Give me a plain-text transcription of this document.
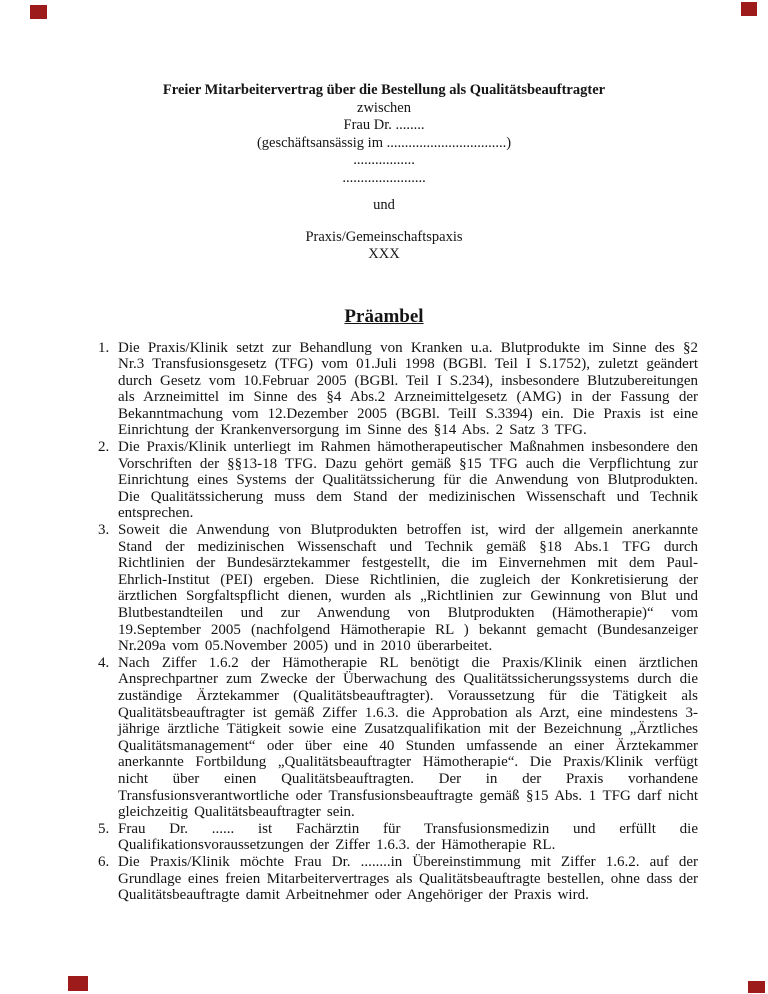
Freier Mitarbeitervertrag über die Bestellung als Qualitätsbeauftragter
zwischen
Frau Dr. ........
(geschäftsansässig im .................................)
.................
.......................
und
Praxis/Gemeinschaftspaxis
XXX
Präambel
1. Die Praxis/Klinik setzt zur Behandlung von Kranken u.a. Blutprodukte im Sinne des §2 Nr.3 Transfusionsgesetz (TFG) vom 01.Juli 1998 (BGBl. Teil I S.1752), zuletzt geändert durch Gesetz vom 10.Februar 2005 (BGBl. Teil I S.234), insbesondere Blutzubereitungen als Arzneimittel im Sinne des §4 Abs.2 Arzneimittelgesetz (AMG) in der Fassung der Bekanntmachung vom 12.Dezember 2005 (BGBl. TeilI S.3394) ein. Die Praxis ist eine Einrichtung der Krankenversorgung im Sinne des §14 Abs. 2 Satz 3 TFG.
2. Die Praxis/Klinik unterliegt im Rahmen hämotherapeutischer Maßnahmen insbesondere den Vorschriften der §§13-18 TFG. Dazu gehört gemäß §15 TFG auch die Verpflichtung zur Einrichtung eines Systems der Qualitätssicherung für die Anwendung von Blutprodukten. Die Qualitätssicherung muss dem Stand der medizinischen Wissenschaft und Technik entsprechen.
3. Soweit die Anwendung von Blutprodukten betroffen ist, wird der allgemein anerkannte Stand der medizinischen Wissenschaft und Technik gemäß §18 Abs.1 TFG durch Richtlinien der Bundesärztekammer festgestellt, die im Einvernehmen mit dem Paul-Ehrlich-Institut (PEI) ergeben. Diese Richtlinien, die zugleich der Konkretisierung der ärztlichen Sorgfaltspflicht dienen, wurden als „Richtlinien zur Gewinnung von Blut und Blutbestandteilen und zur Anwendung von Blutprodukten (Hämotherapie)“ vom 19.September 2005 (nachfolgend Hämotherapie RL ) bekannt gemacht (Bundesanzeiger Nr.209a vom 05.November 2005) und in 2010 überarbeitet.
4. Nach Ziffer 1.6.2 der Hämotherapie RL benötigt die Praxis/Klinik einen ärztlichen Ansprechpartner zum Zwecke der Überwachung des Qualitätssicherungssystems durch die zuständige Ärztekammer (Qualitätsbeauftragter). Voraussetzung für die Tätigkeit als Qualitätsbeauftragter ist gemäß Ziffer 1.6.3. die Approbation als Arzt, eine mindestens 3-jährige ärztliche Tätigkeit sowie eine Zusatzqualifikation mit der Bezeichnung „Ärztliches Qualitätsmanagement“ oder über eine 40 Stunden umfassende an einer Ärztekammer anerkannte Fortbildung „Qualitätsbeauftragter Hämotherapie“. Die Praxis/Klinik verfügt nicht über einen Qualitätsbeauftragten. Der in der Praxis vorhandene Transfusionsverantwortliche oder Transfusionsbeauftragte gemäß §15 Abs. 1 TFG darf nicht gleichzeitig Qualitätsbeauftragter sein.
5. Frau Dr. ...... ist Fachärztin für Transfusionsmedizin und erfüllt die Qualifikationsvoraussetzungen der Ziffer 1.6.3. der Hämotherapie RL.
6. Die Praxis/Klinik möchte Frau Dr. ........in Übereinstimmung mit Ziffer 1.6.2. auf der Grundlage eines freien Mitarbeitervertrages als Qualitätsbeauftragte bestellen, ohne dass der Qualitätsbeauftragte damit Arbeitnehmer oder Angehöriger der Praxis wird.
